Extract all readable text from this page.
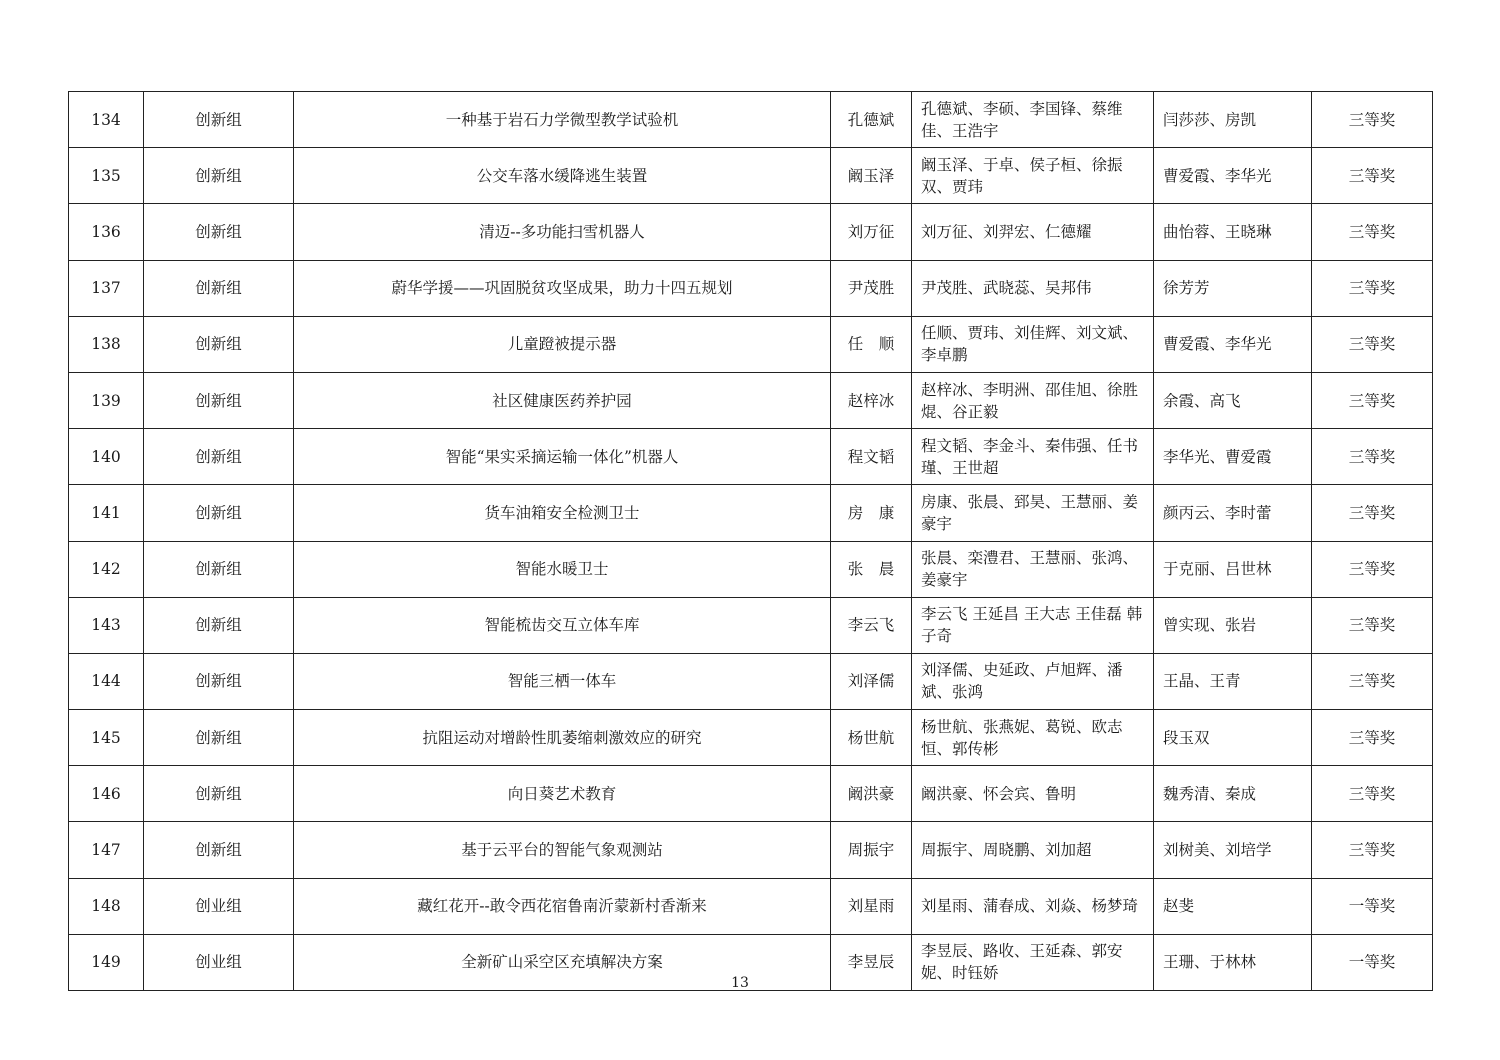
134	创新组	一种基于岩石力学微型教学试验机	孔德斌	孔德斌、李硕、李国锋、蔡维佳、王浩宇	闫莎莎、房凯	三等奖
135	创新组	公交车落水缓降逃生装置	阚玉泽	阚玉泽、于卓、侯子桓、徐振双、贾玮	曹爱霞、李华光	三等奖
136	创新组	清迈--多功能扫雪机器人	刘万征	刘万征、刘羿宏、仁德耀	曲怡蓉、王晓琳	三等奖
137	创新组	蔚华学援——巩固脱贫攻坚成果，助力十四五规划	尹茂胜	尹茂胜、武晓蕊、吴邦伟	徐芳芳	三等奖
138	创新组	儿童蹬被提示器	任　顺	任顺、贾玮、刘佳辉、刘文斌、李卓鹏	曹爱霞、李华光	三等奖
139	创新组	社区健康医药养护园	赵梓冰	赵梓冰、李明洲、邵佳旭、徐胜焜、谷正毅	余霞、高飞	三等奖
140	创新组	智能“果实采摘运输一体化”机器人	程文韬	程文韬、李金斗、秦伟强、任书瑾、王世超	李华光、曹爱霞	三等奖
141	创新组	货车油箱安全检测卫士	房　康	房康、张晨、郅昊、王慧丽、姜豪宇	颜丙云、李时蕾	三等奖
142	创新组	智能水暖卫士	张　晨	张晨、栾澧君、王慧丽、张鸿、姜豪宇	于克丽、吕世林	三等奖
143	创新组	智能梳齿交互立体车库	李云飞	李云飞 王延昌 王大志 王佳磊 韩子奇	曾实现、张岩	三等奖
144	创新组	智能三栖一体车	刘泽儒	刘泽儒、史延政、卢旭辉、潘斌、张鸿	王晶、王青	三等奖
145	创新组	抗阻运动对增龄性肌萎缩刺激效应的研究	杨世航	杨世航、张燕妮、葛锐、欧志恒、郭传彬	段玉双	三等奖
146	创新组	向日葵艺术教育	阚洪豪	阚洪豪、怀会宾、鲁明	魏秀清、秦成	三等奖
147	创新组	基于云平台的智能气象观测站	周振宇	周振宇、周晓鹏、刘加超	刘树美、刘培学	三等奖
148	创业组	藏红花开--敢令西花宿鲁南沂蒙新村香渐来	刘星雨	刘星雨、蒲春成、刘焱、杨梦琦	赵斐	一等奖
149	创业组	全新矿山采空区充填解决方案	李昱辰	李昱辰、路收、王延森、郭安妮、时钰娇	王珊、于林林	一等奖
13
